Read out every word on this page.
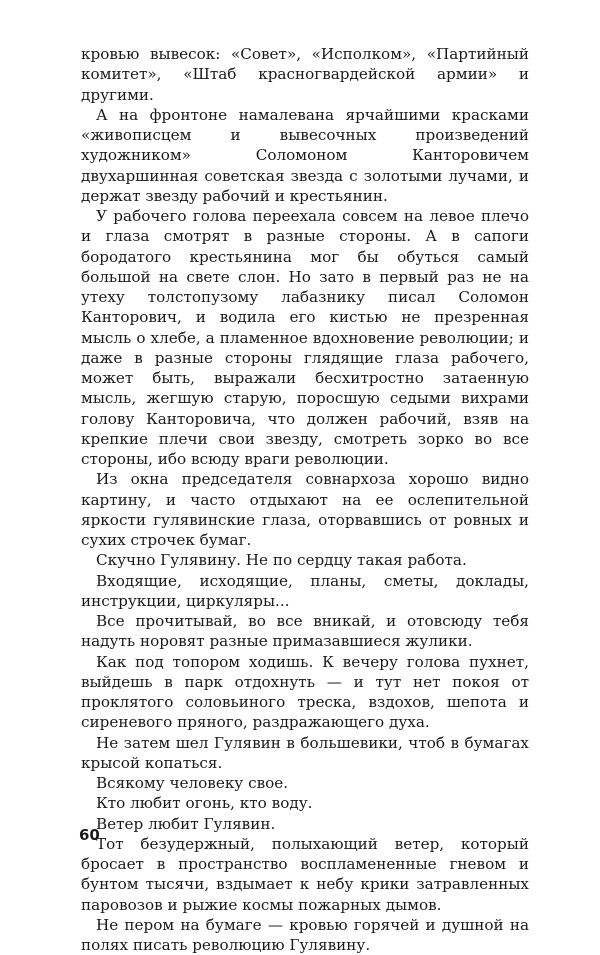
кровью вывесок: «Совет», «Исполком», «Партийный комитет», «Штаб красногвардейской армии» и другими.

А на фронтоне намалевана ярчайшими красками «живописцем и вывесочных произведений художником» Соломоном Канторовичем двухаршинная советская звезда с золотыми лучами, и держат звезду рабочий и крестьянин.

У рабочего голова переехала совсем на левое плечо и глаза смотрят в разные стороны. А в сапоги бородатого крестьянина мог бы обуться самый большой на свете слон. Но зато в первый раз не на утеху толстопузому лабазнику писал Соломон Канторович, и водила его кистью не презренная мысль о хлебе, а пламенное вдохновение революции; и даже в разные стороны глядящие глаза рабочего, может быть, выражали бесхитростно затаенную мысль, жегшую старую, поросшую седыми вихрами голову Канторовича, что должен рабочий, взяв на крепкие плечи свои звезду, смотреть зорко во все стороны, ибо всюду враги революции.

Из окна председателя совнархоза хорошо видно картину, и часто отдыхают на ее ослепительной яркости гулявинские глаза, оторвавшись от ровных и сухих строчек бумаг.

Скучно Гулявину. Не по сердцу такая работа.

Входящие, исходящие, планы, сметы, доклады, инструкции, циркуляры...

Все прочитывай, во все вникай, и отовсюду тебя надуть норовят разные примазавшиеся жулики.

Как под топором ходишь. К вечеру голова пухнет, выйдешь в парк отдохнуть — и тут нет покоя от проклятого соловьиного треска, вздохов, шепота и сиреневого пряного, раздражающего духа.

Не затем шел Гулявин в большевики, чтоб в бумагах крысой копаться.

Всякому человеку свое.

Кто любит огонь, кто воду.

Ветер любит Гулявин.

Тот безудержный, полыхающий ветер, который бросает в пространство воспламененные гневом и бунтом тысячи, вздымает к небу крики затравленных паровозов и рыжие космы пожарных дымов.

Не пером на бумаге — кровью горячей и душной на полях писать революцию Гулявину.

60
